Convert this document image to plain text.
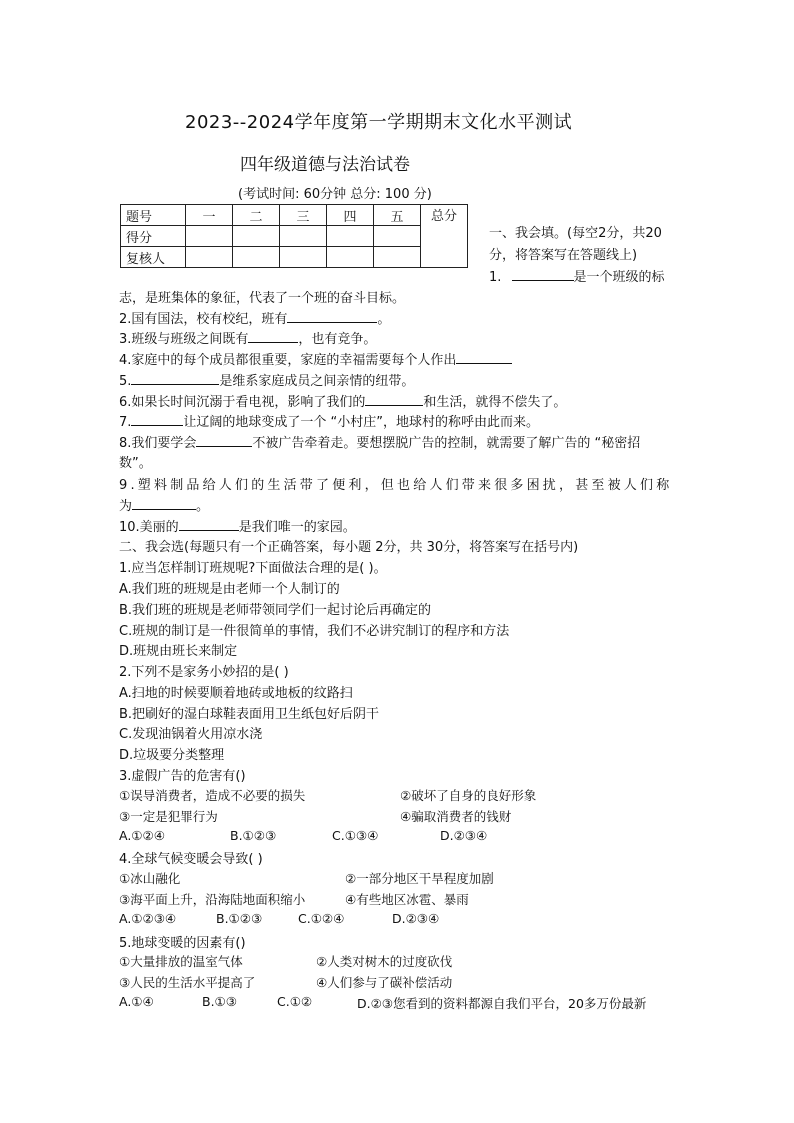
2023--2024学年度第一学期期末文化水平测试
四年级道德与法治试卷
(考试时间: 60分钟 总分: 100 分)
题号	一	二	三	四	五	总分
得分						
复核人						
一、我会填。(每空2分，共20
分，将答案写在答题线上)
1.	是一个班级的标
志，是班集体的象征，代表了一个班的奋斗目标。
2.国有国法，校有校纪，班有	。
3.班级与班级之间既有	，也有竞争。
4.家庭中的每个成员都很重要，家庭的幸福需要每个人作出
5.	是维系家庭成员之间亲情的纽带。
6.如果长时间沉溺于看电视，影响了我们的	和生活，就得不偿失了。
7.	让辽阔的地球变成了一个 “小村庄”，地球村的称呼由此而来。
8.我们要学会	不被广告牵着走。要想摆脱广告的控制，就需要了解广告的 “秘密招
数”。
9.塑料制品给人们的生活带了便利，但也给人们带来很多困扰，甚至被人们称
为	。
10.美丽的	是我们唯一的家园。
二、我会选(每题只有一个正确答案，每小题 2分，共 30分，将答案写在括号内)
1.应当怎样制订班规呢?下面做法合理的是( )。
A.我们班的班规是由老师一个人制订的
B.我们班的班规是老师带领同学们一起讨论后再确定的
C.班规的制订是一件很简单的事情，我们不必讲究制订的程序和方法
D.班规由班长来制定
2.下列不是家务小妙招的是( )
A.扫地的时候要顺着地砖或地板的纹路扫
B.把刷好的湿白球鞋表面用卫生纸包好后阴干
C.发现油锅着火用凉水浇
D.垃圾要分类整理
3.虚假广告的危害有()
①误导消费者，造成不必要的损失	②破坏了自身的良好形象
③一定是犯罪行为	④骗取消费者的钱财
A.①②④	B.①②③	C.①③④	D.②③④
4.全球气候变暖会导致( )
①冰山融化	②一部分地区干旱程度加剧
③海平面上升，沿海陆地面积缩小	④有些地区冰雹、暴雨
A.①②③④	B.①②③	C.①②④	D.②③④
5.地球变暖的因素有()
①大量排放的温室气体	②人类对树木的过度砍伐
③人民的生活水平提高了	④人们参与了碳补偿活动
A.①④	B.①③	C.①②	D.②③您看到的资料都源自我们平台，20多万份最新
